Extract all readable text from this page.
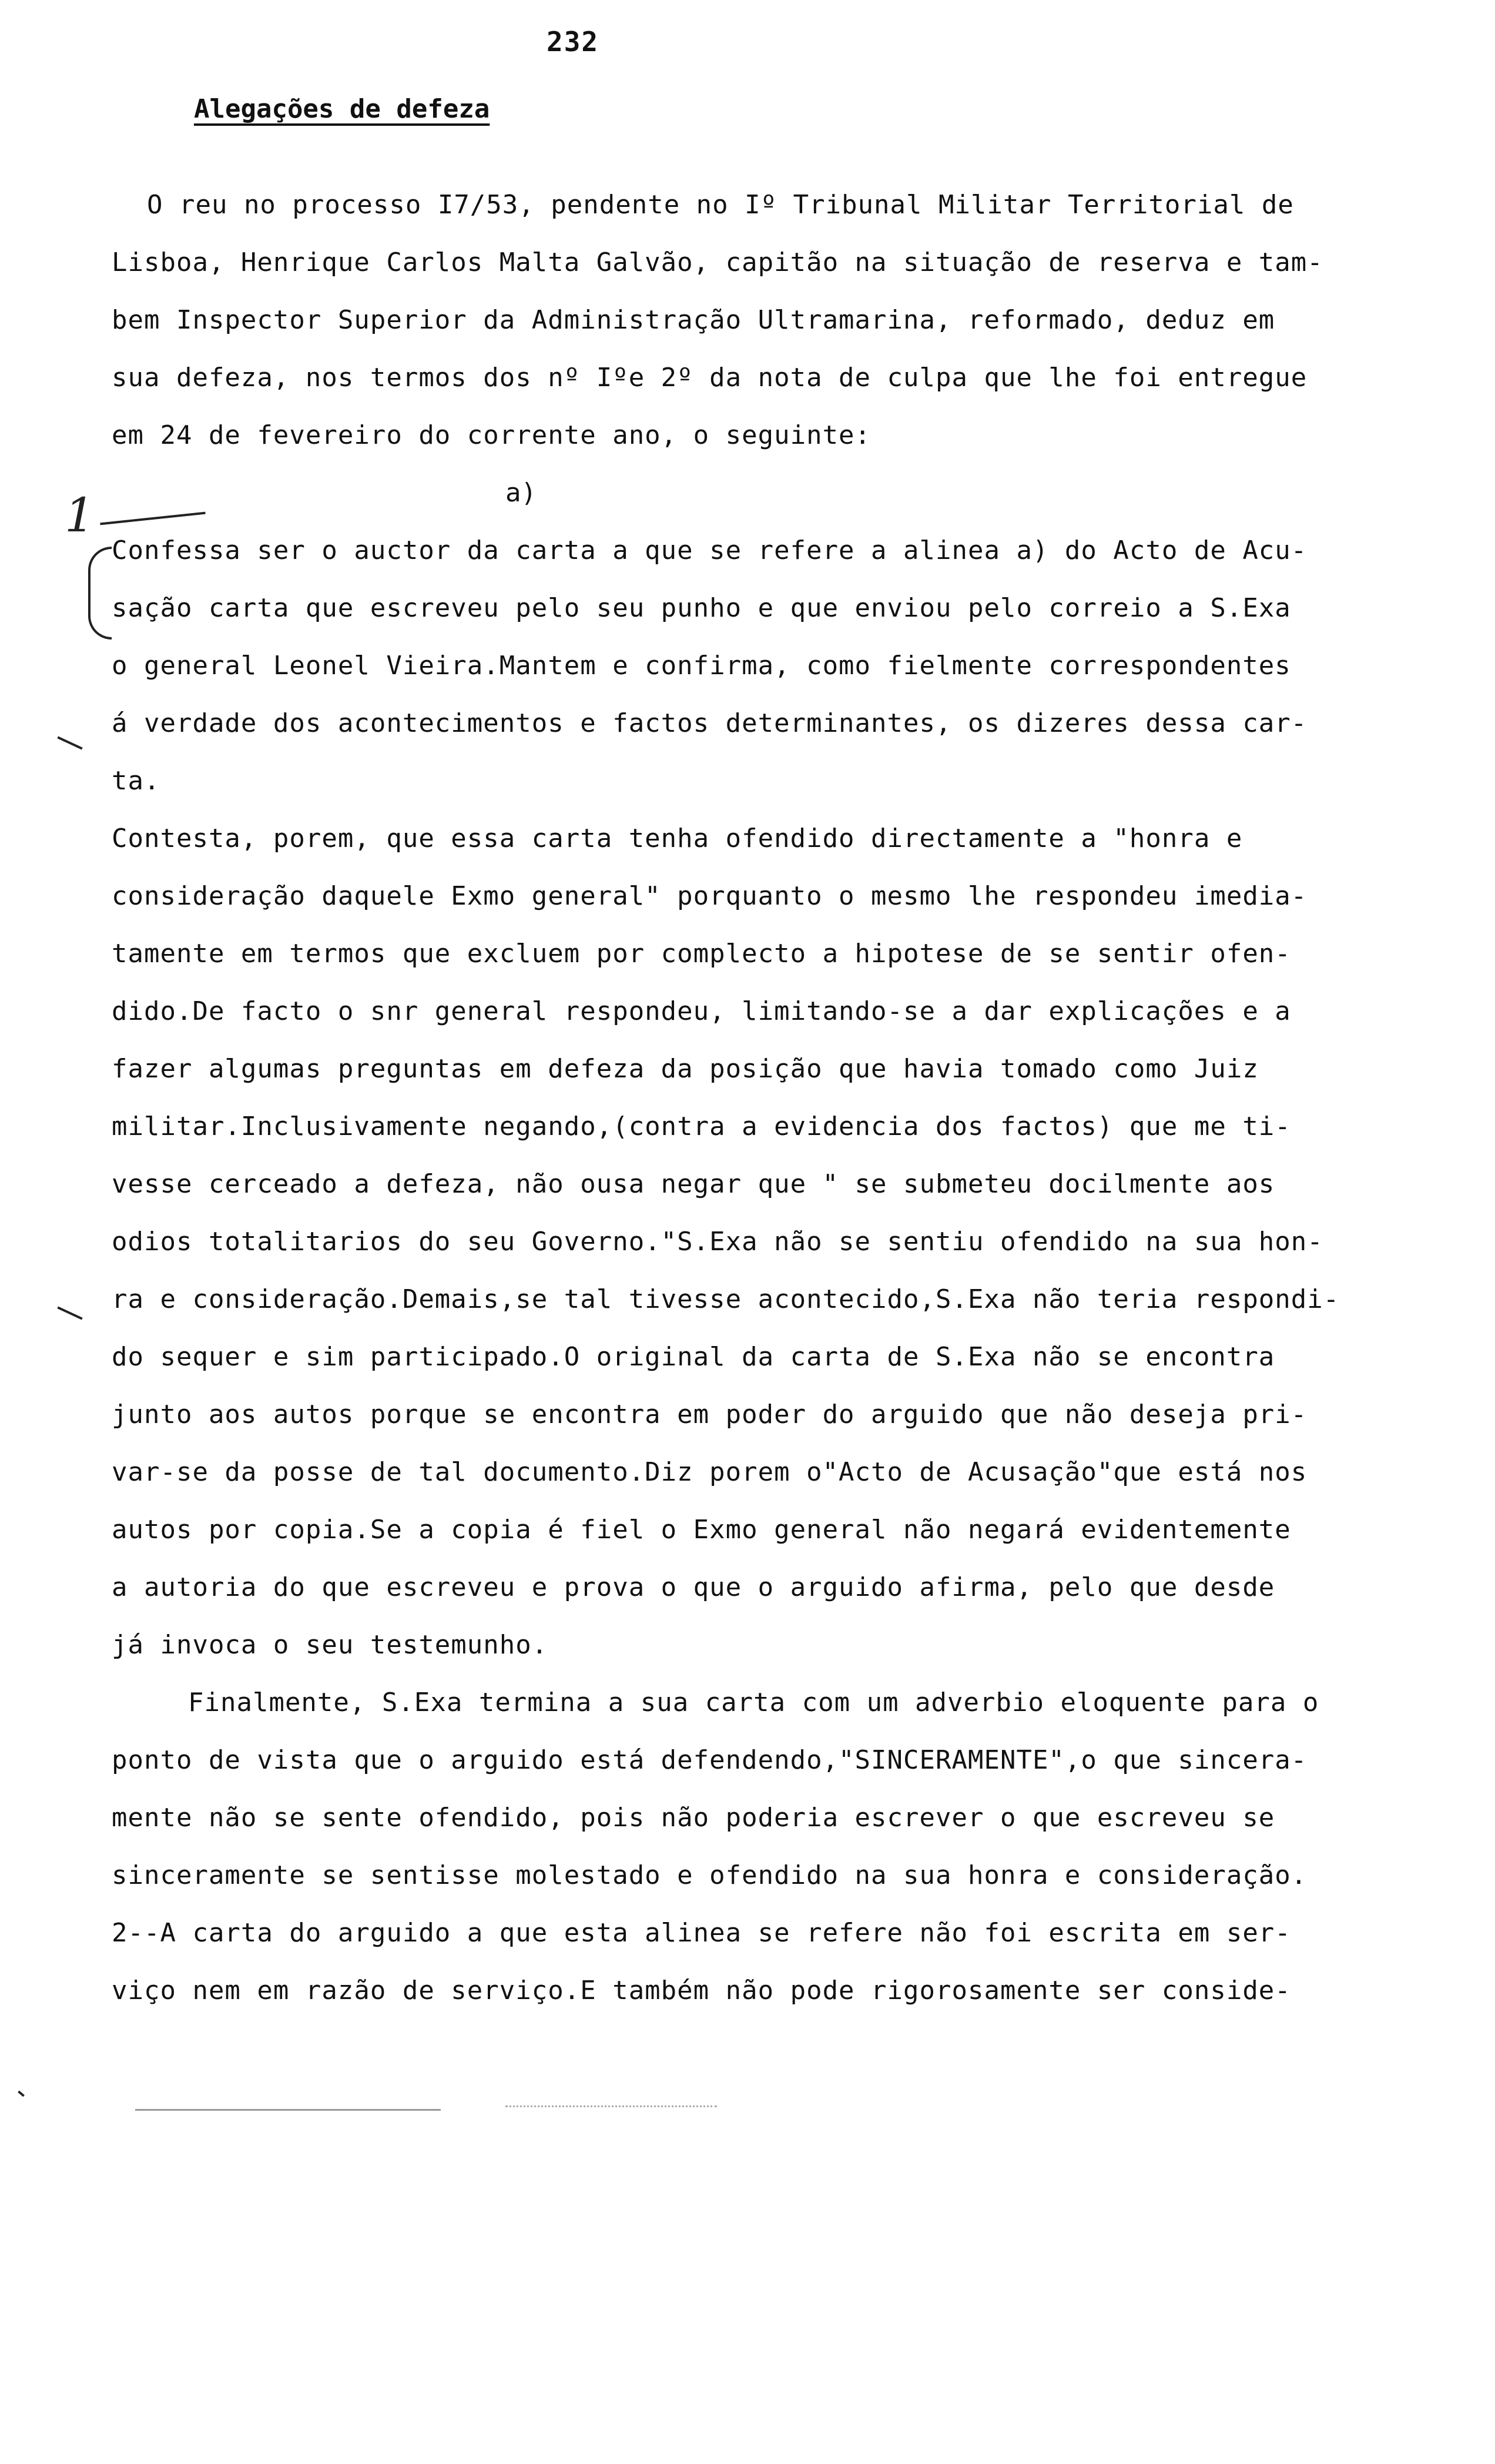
232
Alegações de defeza
1
O reu no processo I7/53, pendente no Iº Tribunal Militar Territorial de
Lisboa, Henrique Carlos Malta Galvão, capitão na situação de reserva e tam-
bem Inspector Superior da Administração Ultramarina, reformado, deduz em
sua defeza, nos termos dos nº Iºe 2º da nota de culpa que lhe foi entregue
em 24 de fevereiro do corrente ano, o seguinte:
a)
Confessa ser o auctor da carta a que se refere a alinea a) do Acto de Acu-
sação carta que escreveu pelo seu punho e que enviou pelo correio a S.Exa
o general Leonel Vieira.Mantem e confirma, como fielmente correspondentes
á verdade dos acontecimentos e factos determinantes, os dizeres dessa car-
ta.
Contesta, porem, que essa carta tenha ofendido directamente a "honra e
consideração daquele Exmo general" porquanto o mesmo lhe respondeu imedia-
tamente em termos que excluem por complecto a hipotese de se sentir ofen-
dido.De facto o snr general respondeu, limitando-se a dar explicações e a
fazer algumas preguntas em defeza da posição que havia tomado como Juiz
militar.Inclusivamente negando,(contra a evidencia dos factos) que me ti-
vesse cerceado a defeza, não ousa negar que " se submeteu docilmente aos
odios totalitarios do seu Governo."S.Exa não se sentiu ofendido na sua hon-
ra e consideração.Demais,se tal tivesse acontecido,S.Exa não teria respondi-
do sequer e sim participado.O original da carta de S.Exa não se encontra
junto aos autos porque se encontra em poder do arguido que não deseja pri-
var-se da posse de tal documento.Diz porem o"Acto de Acusação"que está nos
autos por copia.Se a copia é fiel o Exmo general não negará evidentemente
a autoria do que escreveu e prova o que o arguido afirma, pelo que desde
já invoca o seu testemunho.
Finalmente, S.Exa termina a sua carta com um adverbio eloquente para o
ponto de vista que o arguido está defendendo,"SINCERAMENTE",o que sincera-
mente não se sente ofendido, pois não poderia escrever o que escreveu se
sinceramente se sentisse molestado e ofendido na sua honra e consideração.
2--A carta do arguido a que esta alinea se refere não foi escrita em ser-
viço nem em razão de serviço.E também não pode rigorosamente ser conside-
